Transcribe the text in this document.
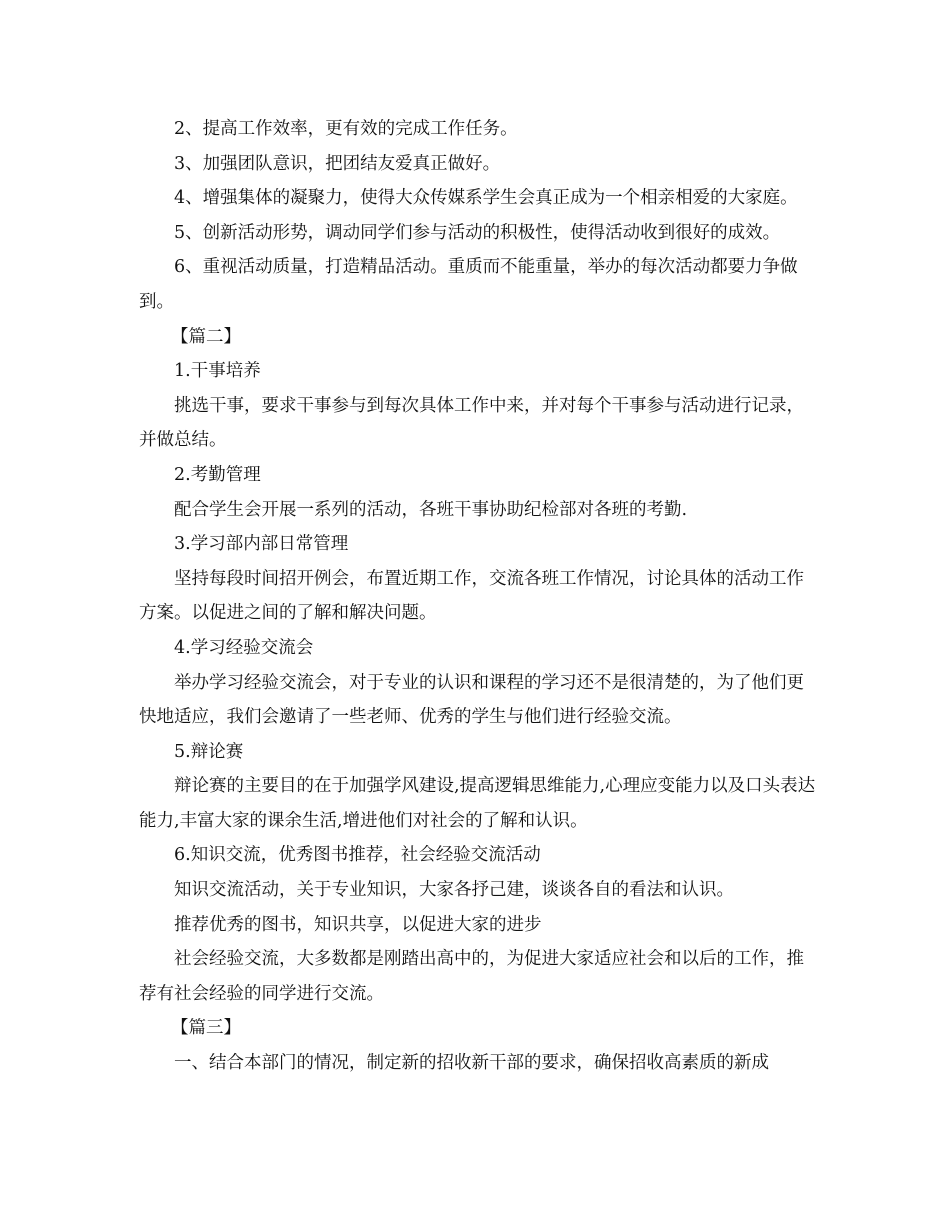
2、提高工作效率，更有效的完成工作任务。

3、加强团队意识，把团结友爱真正做好。

4、增强集体的凝聚力，使得大众传媒系学生会真正成为一个相亲相爱的大家庭。

5、创新活动形势，调动同学们参与活动的积极性，使得活动收到很好的成效。

6、重视活动质量，打造精品活动。重质而不能重量，举办的每次活动都要力争做到。

【篇二】

1.干事培养

挑选干事，要求干事参与到每次具体工作中来，并对每个干事参与活动进行记录，并做总结。

2.考勤管理

配合学生会开展一系列的活动，各班干事协助纪检部对各班的考勤.

3.学习部内部日常管理

坚持每段时间招开例会，布置近期工作，交流各班工作情况，讨论具体的活动工作方案。以促进之间的了解和解决问题。

4.学习经验交流会

举办学习经验交流会，对于专业的认识和课程的学习还不是很清楚的，为了他们更快地适应，我们会邀请了一些老师、优秀的学生与他们进行经验交流。

5.辩论赛

辩论赛的主要目的在于加强学风建设,提高逻辑思维能力,心理应变能力以及口头表达能力,丰富大家的课余生活,增进他们对社会的了解和认识。

6.知识交流，优秀图书推荐，社会经验交流活动

知识交流活动，关于专业知识，大家各抒己建，谈谈各自的看法和认识。

推荐优秀的图书，知识共享，以促进大家的进步

社会经验交流，大多数都是刚踏出高中的，为促进大家适应社会和以后的工作，推荐有社会经验的同学进行交流。

【篇三】

一、结合本部门的情况，制定新的招收新干部的要求，确保招收高素质的新成
